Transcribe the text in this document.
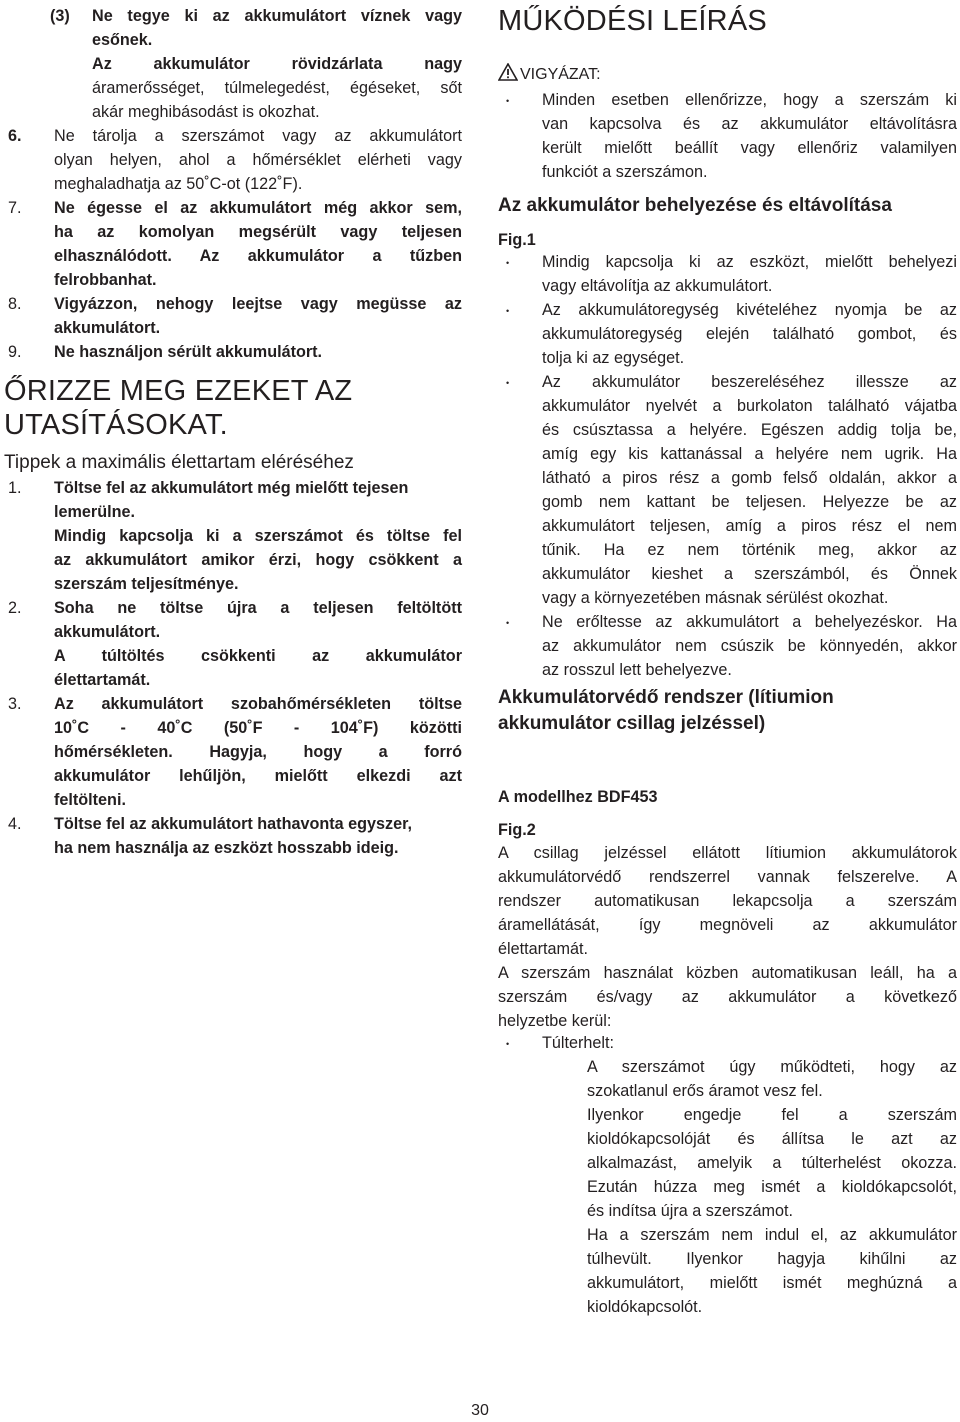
(3) Ne tegye ki az akkumulátort víznek vagy
esőnek.
Az akkumulátor rövidzárlata nagy
áramerősséget, túlmelegedést, égéseket, sőt
akár meghibásodást is okozhat.
6. Ne tárolja a szerszámot vagy az akkumulátort
olyan helyen, ahol a hőmérséklet elérheti vagy
meghaladhatja az 50˚C-ot (122˚F).
7. Ne égesse el az akkumulátort még akkor sem,
ha az komolyan megsérült vagy teljesen
elhasználódott. Az akkumulátor a tűzben
felrobbanhat.
8. Vigyázzon, nehogy leejtse vagy megüsse az
akkumulátort.
9. Ne használjon sérült akkumulátort.
ŐRIZZE MEG EZEKET AZ
UTASÍTÁSOKAT.
Tippek a maximális élettartam eléréséhez
1. Töltse fel az akkumulátort még mielőtt tejesen
lemerülne.
Mindig kapcsolja ki a szerszámot és töltse fel
az akkumulátort amikor érzi, hogy csökkent a
szerszám teljesítménye.
2. Soha ne töltse újra a teljesen feltöltött
akkumulátort.
A túltöltés csökkenti az akkumulátor
élettartamát.
3. Az akkumulátort szobahőmérsékleten töltse
10˚C - 40˚C (50˚F - 104˚F) közötti
hőmérsékleten. Hagyja, hogy a forró
akkumulátor lehűljön, mielőtt elkezdi azt
feltölteni.
4. Töltse fel az akkumulátort hathavonta egyszer,
ha nem használja az eszközt hosszabb ideig.
MŰKÖDÉSI LEÍRÁS
VIGYÁZAT:
• Minden esetben ellenőrizze, hogy a szerszám ki
van kapcsolva és az akkumulátor eltávolításra
került mielőtt beállít vagy ellenőriz valamilyen
funkciót a szerszámon.
Az akkumulátor behelyezése és eltávolítása
Fig.1
• Mindig kapcsolja ki az eszközt, mielőtt behelyezi
vagy eltávolítja az akkumulátort.
• Az akkumulátoregység kivételéhez nyomja be az
akkumulátoregység elején található gombot, és
tolja ki az egységet.
• Az akkumulátor beszereléséhez illessze az
akkumulátor nyelvét a burkolaton található vájatba
és csúsztassa a helyére. Egészen addig tolja be,
amíg egy kis kattanással a helyére nem ugrik. Ha
látható a piros rész a gomb felső oldalán, akkor a
gomb nem kattant be teljesen. Helyezze be az
akkumulátort teljesen, amíg a piros rész el nem
tűnik. Ha ez nem történik meg, akkor az
akkumulátor kieshet a szerszámból, és Önnek
vagy a környezetében másnak sérülést okozhat.
• Ne erőltesse az akkumulátort a behelyezéskor. Ha
az akkumulátor nem csúszik be könnyedén, akkor
az rosszul lett behelyezve.
Akkumulátorvédő rendszer (lítiumion
akkumulátor csillag jelzéssel)
A modellhez BDF453
Fig.2
A csillag jelzéssel ellátott lítiumion akkumulátorok
akkumulátorvédő rendszerrel vannak felszerelve. A
rendszer automatikusan lekapcsolja a szerszám
áramellátását, így megnöveli az akkumulátor
élettartamát.
A szerszám használat közben automatikusan leáll, ha a
szerszám és/vagy az akkumulátor a következő
helyzetbe kerül:
• Túlterhelt:
A szerszámot úgy működteti, hogy az
szokatlanul erős áramot vesz fel.
Ilyenkor engedje fel a szerszám
kioldókapcsolóját és állítsa le azt az
alkalmazást, amelyik a túlterhelést okozza.
Ezután húzza meg ismét a kioldókapcsolót,
és indítsa újra a szerszámot.
Ha a szerszám nem indul el, az akkumulátor
túlhevült. Ilyenkor hagyja kihűlni az
akkumulátort, mielőtt ismét meghúzná a
kioldókapcsolót.
30
